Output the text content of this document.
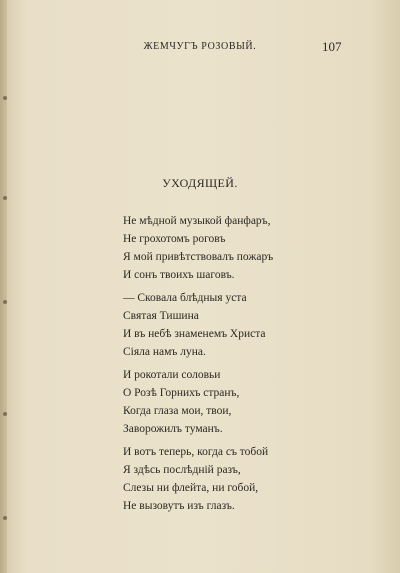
ЖЕМЧУГЪ РОЗОВЫЙ.	107
УХОДЯЩЕЙ.
Не мѣдной музыкой фанфаръ,
Не грохотомъ роговъ
Я мой привѣтствовалъ пожаръ
И сонъ твоихъ шаговъ.
— Сковала блѣдныя уста
Святая Тишина
И въ небѣ знаменемъ Христа
Сіяла намъ луна.
И рокотали соловьи
О Розѣ Горнихъ странъ,
Когда глаза мои, твои,
Заворожилъ туманъ.
И вотъ теперь, когда съ тобой
Я здѣсь послѣдній разъ,
Слезы ни флейта, ни гобой,
Не вызовутъ изъ глазъ.
